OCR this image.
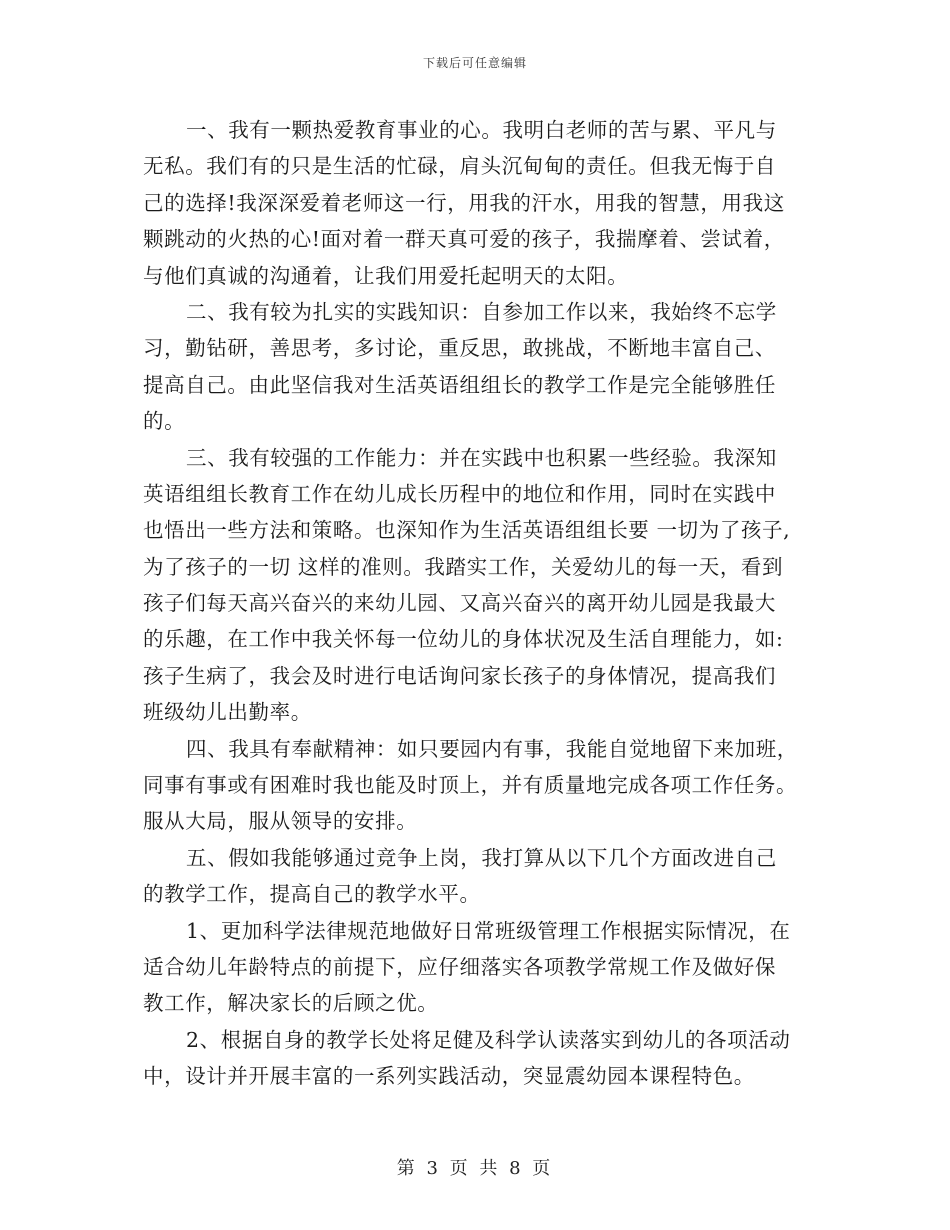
下载后可任意编辑
一、我有一颗热爱教育事业的心。我明白老师的苦与累、平凡与
无私。我们有的只是生活的忙碌，肩头沉甸甸的责任。但我无悔于自
己的选择!我深深爱着老师这一行，用我的汗水，用我的智慧，用我这
颗跳动的火热的心!面对着一群天真可爱的孩子，我揣摩着、尝试着，
与他们真诚的沟通着，让我们用爱托起明天的太阳。
二、我有较为扎实的实践知识：自参加工作以来，我始终不忘学
习，勤钻研，善思考，多讨论，重反思，敢挑战，不断地丰富自己、
提高自己。由此坚信我对生活英语组组长的教学工作是完全能够胜任
的。
三、我有较强的工作能力：并在实践中也积累一些经验。我深知
英语组组长教育工作在幼儿成长历程中的地位和作用，同时在实践中
也悟出一些方法和策略。也深知作为生活英语组组长要 一切为了孩子,
为了孩子的一切 这样的准则。我踏实工作，关爱幼儿的每一天，看到
孩子们每天高兴奋兴的来幼儿园、又高兴奋兴的离开幼儿园是我最大
的乐趣，在工作中我关怀每一位幼儿的身体状况及生活自理能力，如:
孩子生病了，我会及时进行电话询问家长孩子的身体情况，提高我们
班级幼儿出勤率。
四、我具有奉献精神：如只要园内有事，我能自觉地留下来加班，
同事有事或有困难时我也能及时顶上，并有质量地完成各项工作任务。
服从大局，服从领导的安排。
五、假如我能够通过竞争上岗，我打算从以下几个方面改进自己
的教学工作，提高自己的教学水平。
1、更加科学法律规范地做好日常班级管理工作根据实际情况，在
适合幼儿年龄特点的前提下，应仔细落实各项教学常规工作及做好保
教工作，解决家长的后顾之优。
2、根据自身的教学长处将足健及科学认读落实到幼儿的各项活动
中，设计并开展丰富的一系列实践活动，突显震幼园本课程特色。
第 3 页 共 8 页
